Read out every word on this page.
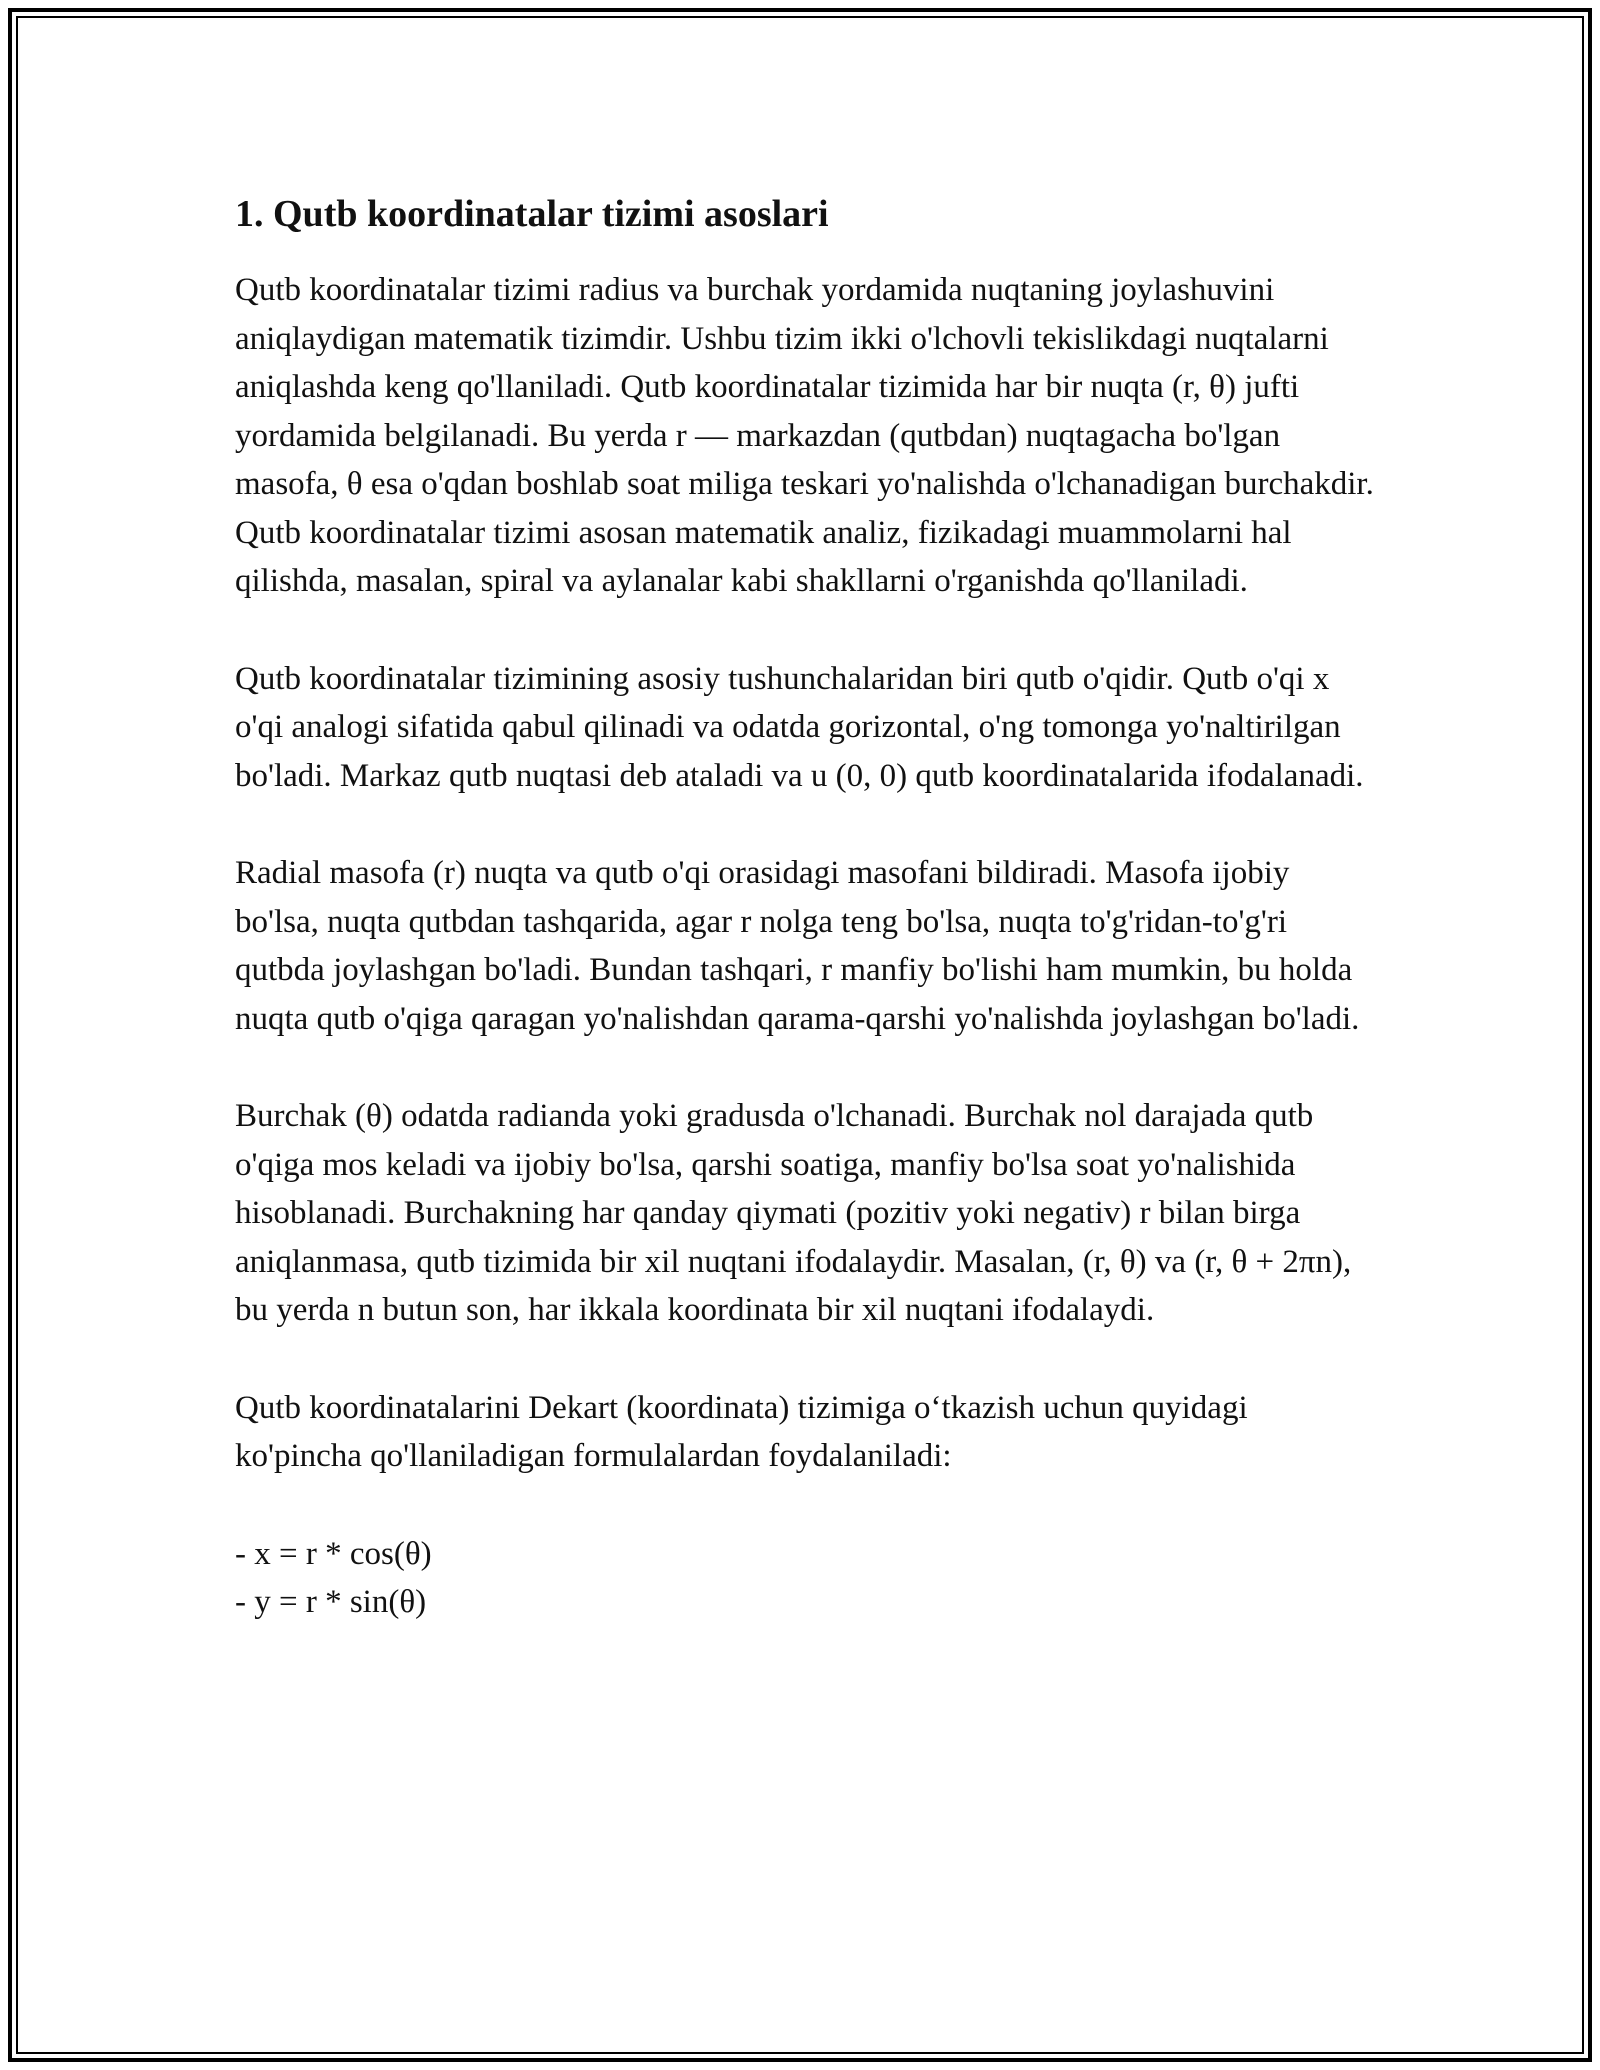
1. Qutb koordinatalar tizimi asoslari

Qutb koordinatalar tizimi radius va burchak yordamida nuqtaning joylashuvini aniqlaydigan matematik tizimdir. Ushbu tizim ikki o'lchovli tekislikdagi nuqtalarni aniqlashda keng qo'llaniladi. Qutb koordinatalar tizimida har bir nuqta (r, θ) jufti yordamida belgilanadi. Bu yerda r — markazdan (qutbdan) nuqtagacha bo'lgan masofa, θ esa o'qdan boshlab soat miliga teskari yo'nalishda o'lchanadigan burchakdir. Qutb koordinatalar tizimi asosan matematik analiz, fizikadagi muammolarni hal qilishda, masalan, spiral va aylanalar kabi shakllarni o'rganishda qo'llaniladi.

Qutb koordinatalar tizimining asosiy tushunchalaridan biri qutb o'qidir. Qutb o'qi x o'qi analogi sifatida qabul qilinadi va odatda gorizontal, o'ng tomonga yo'naltirilgan bo'ladi. Markaz qutb nuqtasi deb ataladi va u (0, 0) qutb koordinatalarida ifodalanadi.

Radial masofa (r) nuqta va qutb o'qi orasidagi masofani bildiradi. Masofa ijobiy bo'lsa, nuqta qutbdan tashqarida, agar r nolga teng bo'lsa, nuqta to'g'ridan-to'g'ri qutbda joylashgan bo'ladi. Bundan tashqari, r manfiy bo'lishi ham mumkin, bu holda nuqta qutb o'qiga qaragan yo'nalishdan qarama-qarshi yo'nalishda joylashgan bo'ladi.

Burchak (θ) odatda radianda yoki gradusda o'lchanadi. Burchak nol darajada qutb o'qiga mos keladi va ijobiy bo'lsa, qarshi soatiga, manfiy bo'lsa soat yo'nalishida hisoblanadi. Burchakning har qanday qiymati (pozitiv yoki negativ) r bilan birga aniqlanmasa, qutb tizimida bir xil nuqtani ifodalaydir. Masalan, (r, θ) va (r, θ + 2πn), bu yerda n butun son, har ikkala koordinata bir xil nuqtani ifodalaydi.

Qutb koordinatalarini Dekart (koordinata) tizimiga o‘tkazish uchun quyidagi ko'pincha qo'llaniladigan formulalardan foydalaniladi:

- x = r * cos(θ)

- y = r * sin(θ)
